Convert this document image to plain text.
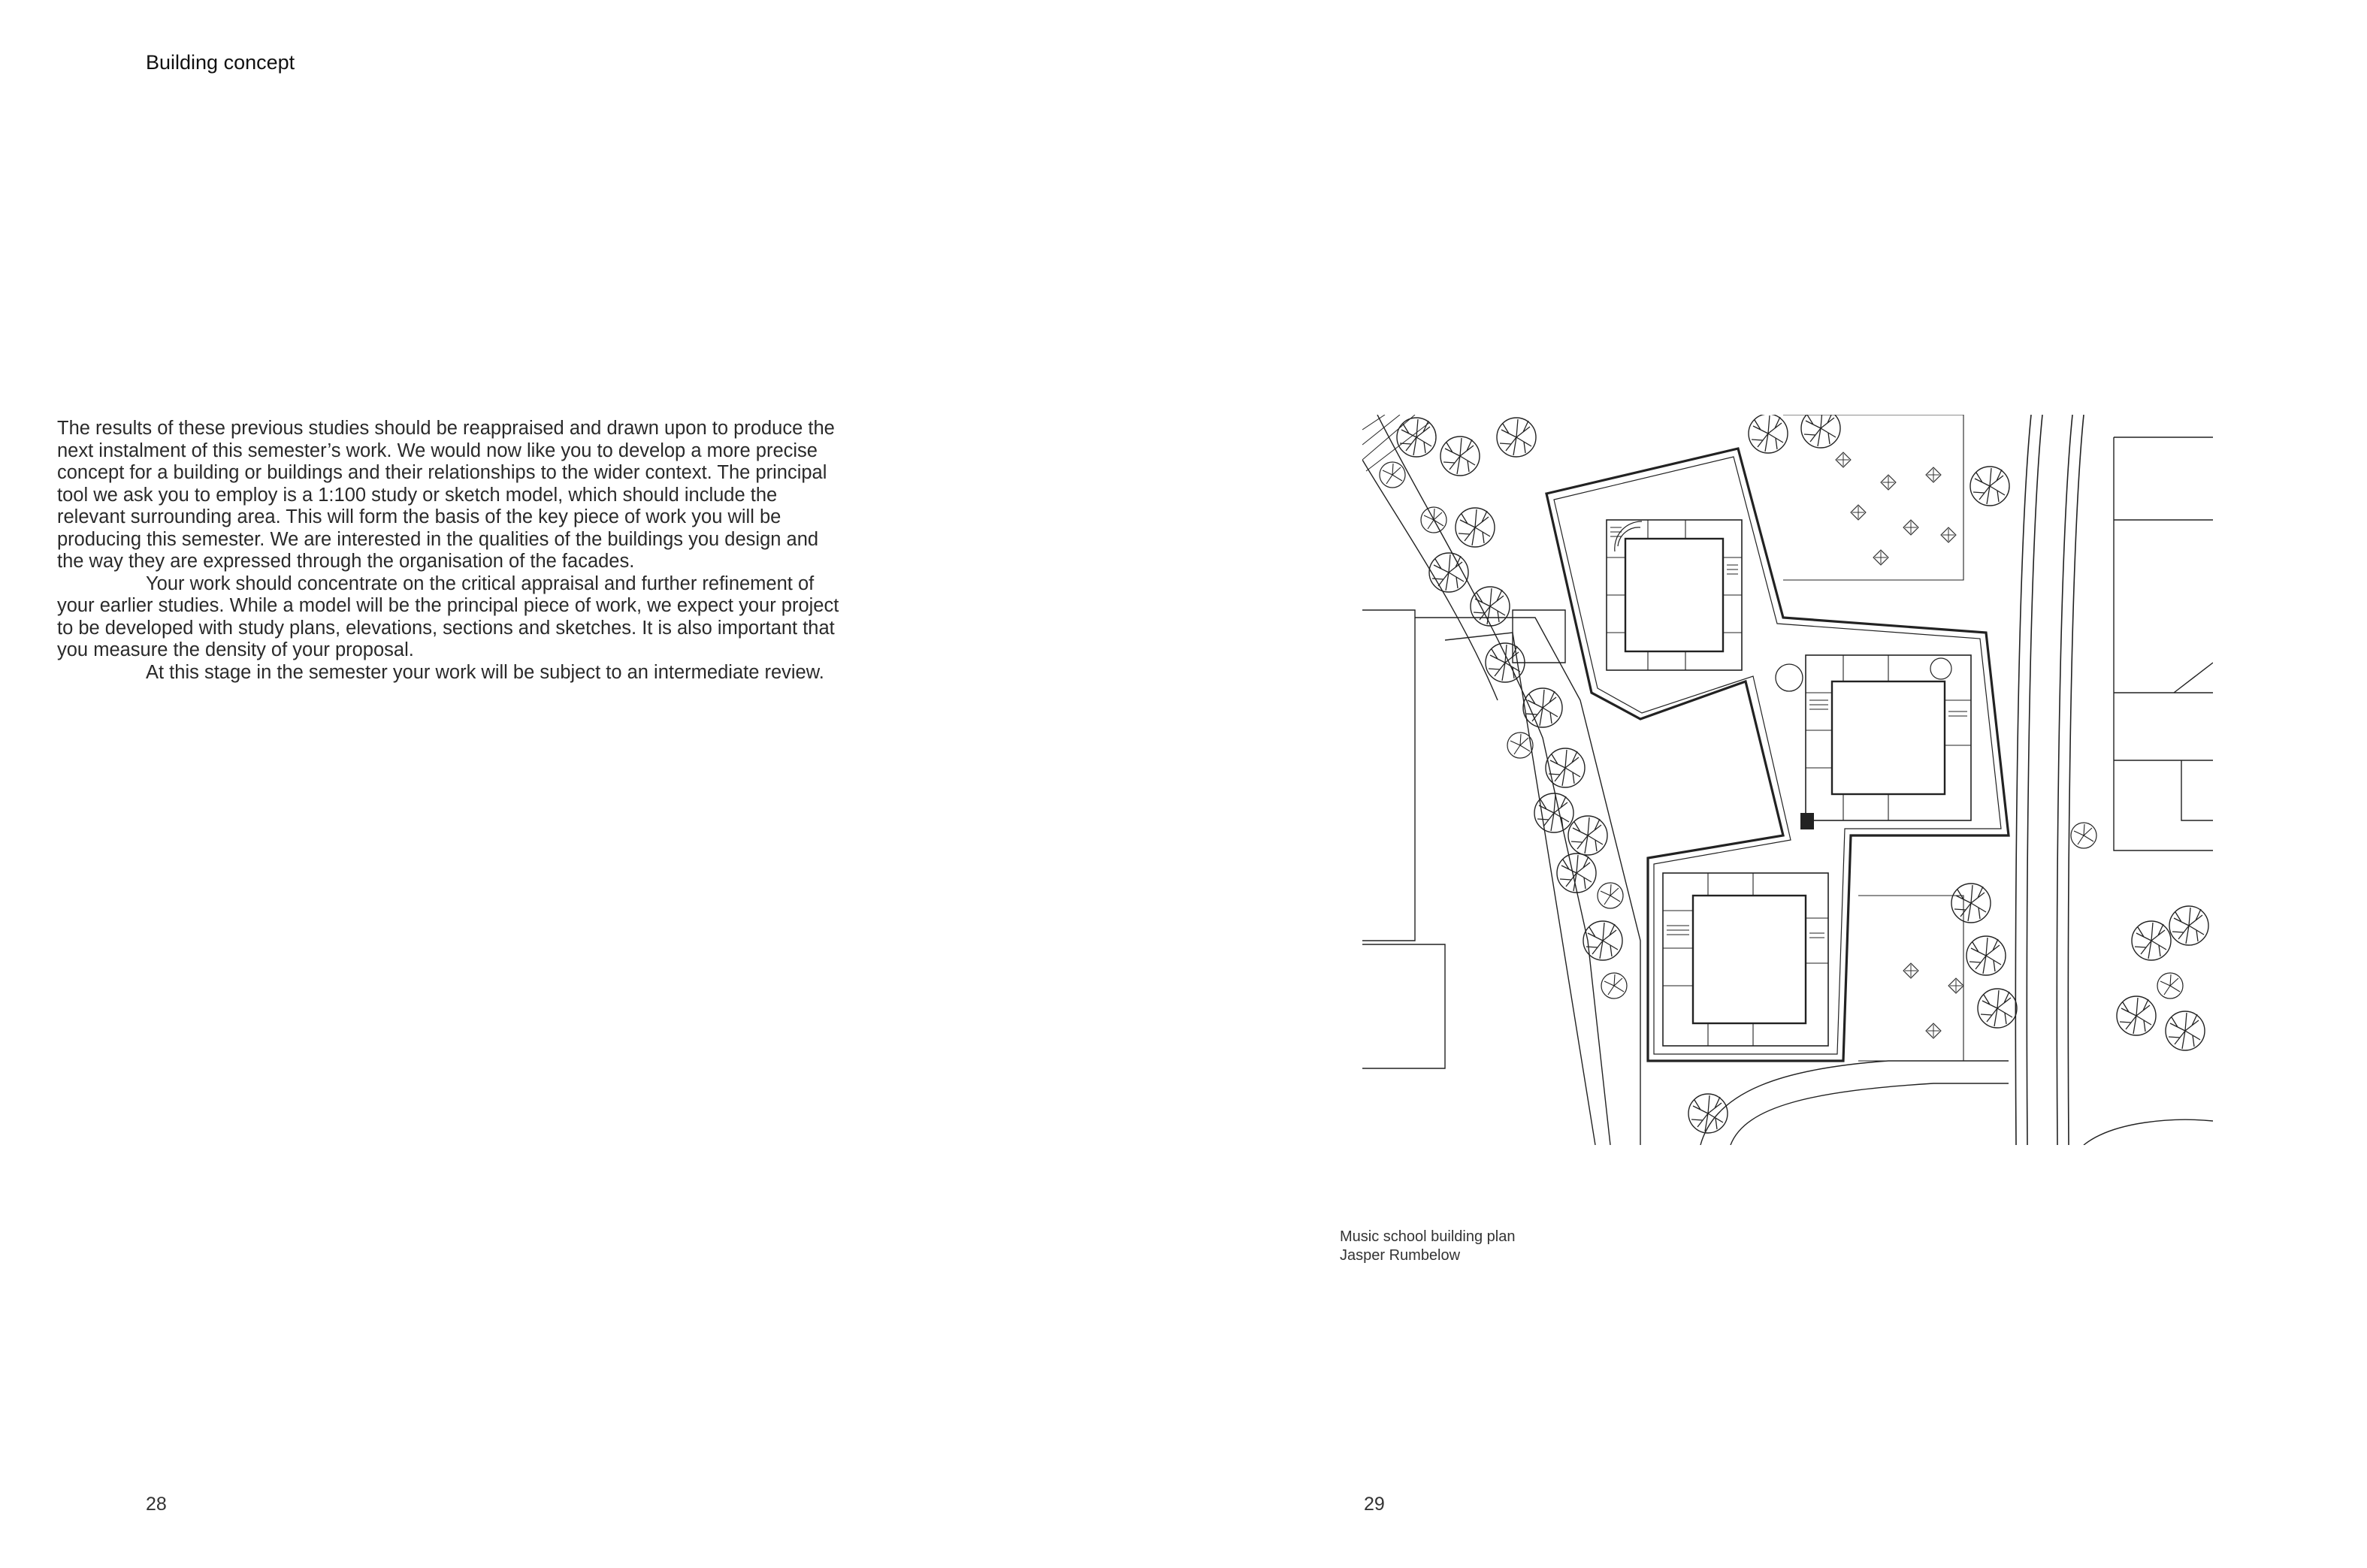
Building concept

The results of these previous studies should be reappraised and drawn upon to produce the next instalment of this semester’s work. We would now like you to develop a more precise concept for a building or buildings and their relationships to the wider context. The principal tool we ask you to employ is a 1:100 study or sketch model, which should include the relevant surrounding area. This will form the basis of the key piece of work you will be producing this semester. We are interested in the qualities of the buildings you design and the way they are expressed through the organisation of the facades.

Your work should concentrate on the critical appraisal and further refinement of your earlier studies. While a model will be the principal piece of work, we expect your project to be developed with study plans, elevations, sections and sketches. It is also important that you measure the density of your proposal.

At this stage in the semester your work will be subject to an intermediate review.

28
Music school building plan
Jasper Rumbelow
29
